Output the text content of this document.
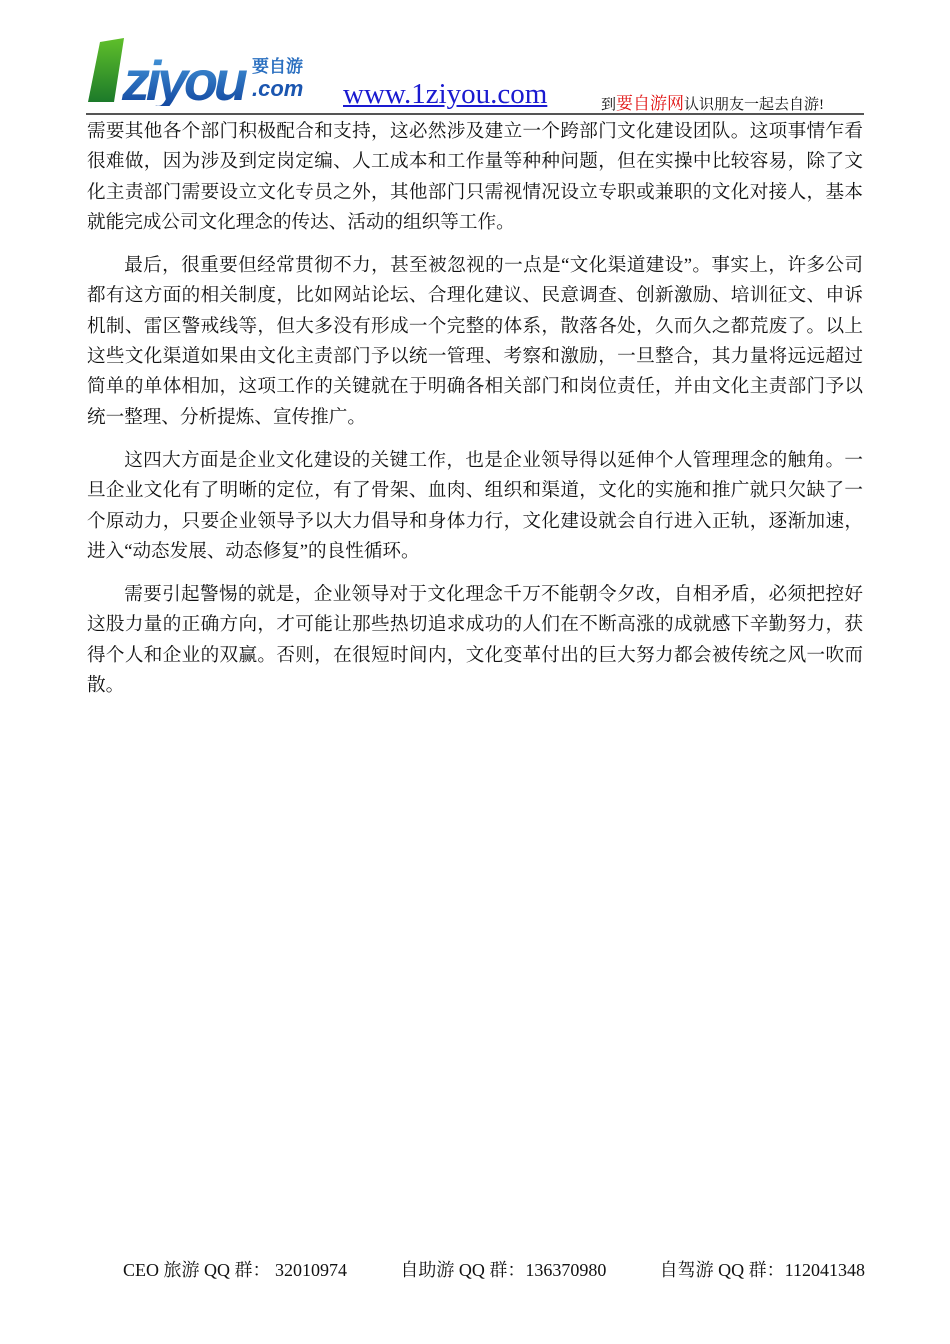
ziyou 要自游
.com www.1ziyou.com	到要自游网认识朋友一起去自游!

需要其他各个部门积极配合和支持，这必然涉及建立一个跨部门文化建设团队。这项事情乍看很难做，因为涉及到定岗定编、人工成本和工作量等种种问题，但在实操中比较容易，除了文化主责部门需要设立文化专员之外，其他部门只需视情况设立专职或兼职的文化对接人，基本就能完成公司文化理念的传达、活动的组织等工作。

最后，很重要但经常贯彻不力，甚至被忽视的一点是“文化渠道建设”。事实上，许多公司都有这方面的相关制度，比如网站论坛、合理化建议、民意调查、创新激励、培训征文、申诉机制、雷区警戒线等，但大多没有形成一个完整的体系，散落各处，久而久之都荒废了。以上这些文化渠道如果由文化主责部门予以统一管理、考察和激励，一旦整合，其力量将远远超过简单的单体相加，这项工作的关键就在于明确各相关部门和岗位责任，并由文化主责部门予以统一整理、分析提炼、宣传推广。

这四大方面是企业文化建设的关键工作，也是企业领导得以延伸个人管理理念的触角。一旦企业文化有了明晰的定位，有了骨架、血肉、组织和渠道，文化的实施和推广就只欠缺了一个原动力，只要企业领导予以大力倡导和身体力行，文化建设就会自行进入正轨，逐渐加速，进入“动态发展、动态修复”的良性循环。

需要引起警惕的就是，企业领导对于文化理念千万不能朝令夕改，自相矛盾，必须把控好这股力量的正确方向，才可能让那些热切追求成功的人们在不断高涨的成就感下辛勤努力，获得个人和企业的双赢。否则，在很短时间内，文化变革付出的巨大努力都会被传统之风一吹而散。

CEO 旅游 QQ 群： 32010974	自助游 QQ 群：136370980	自驾游 QQ 群：112041348
